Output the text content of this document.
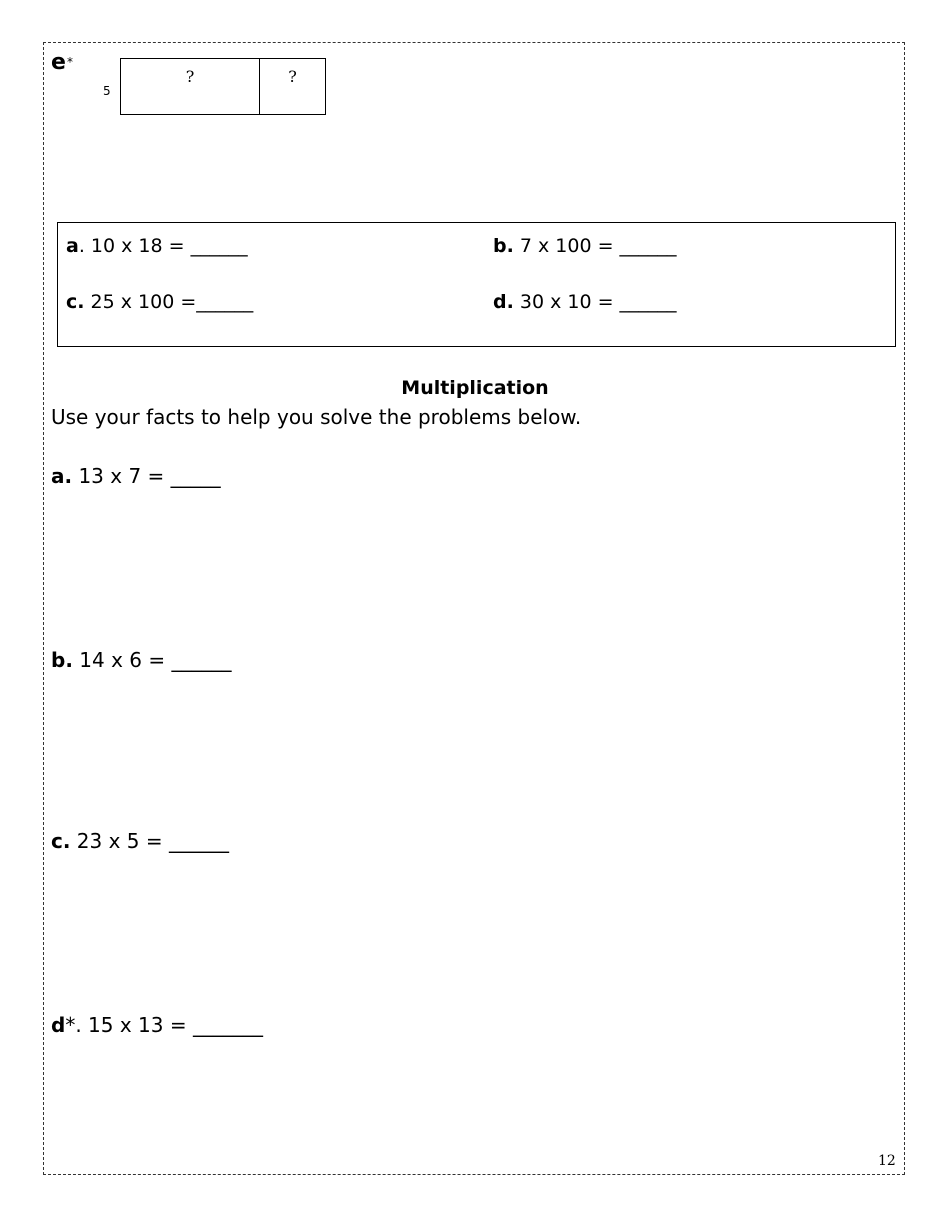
e *
5
?	?
a. 10 x 18 = ______	b. 7 x 100 = ______
c. 25 x 100 =______	d. 30 x 10 = ______
Multiplication
Use your facts to help you solve the problems below.
a. 13 x 7 = _____
b. 14 x 6 = ______
c. 23 x 5 = ______
d*. 15 x 13 = _______
12
